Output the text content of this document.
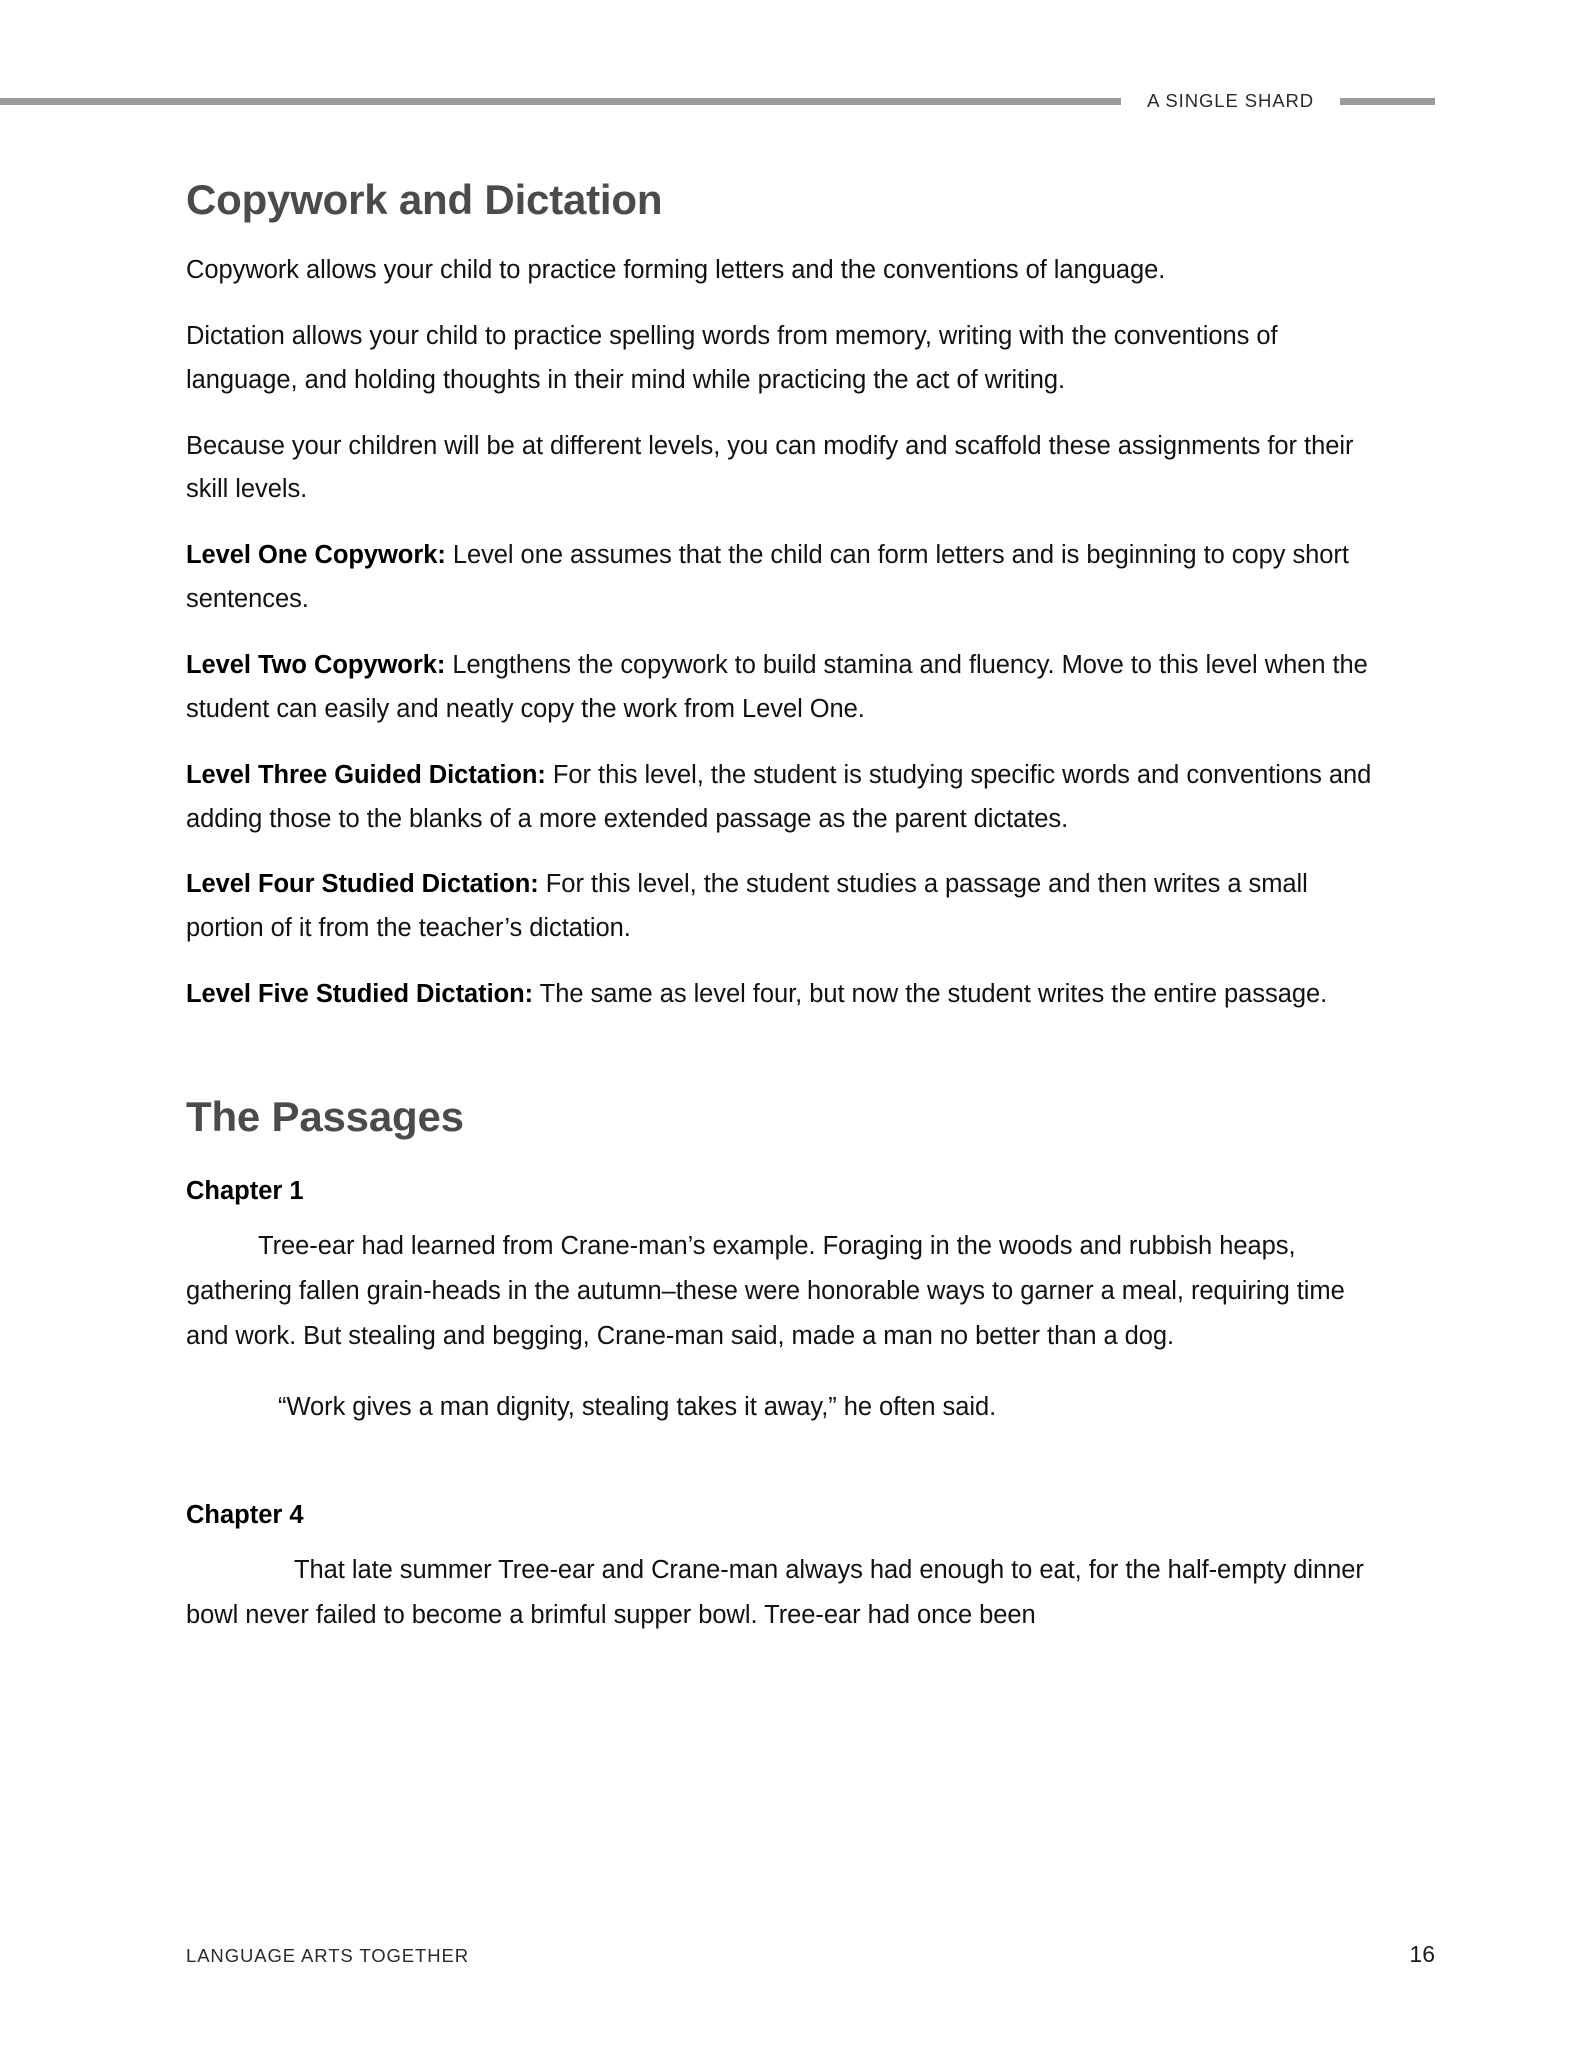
A SINGLE SHARD
Copywork and Dictation

Copywork allows your child to practice forming letters and the conventions of language.

Dictation allows your child to practice spelling words from memory, writing with the conventions of language, and holding thoughts in their mind while practicing the act of writing.

Because your children will be at different levels, you can modify and scaffold these assignments for their skill levels.

Level One Copywork: Level one assumes that the child can form letters and is beginning to copy short sentences.

Level Two Copywork: Lengthens the copywork to build stamina and fluency. Move to this level when the student can easily and neatly copy the work from Level One.

Level Three Guided Dictation: For this level, the student is studying specific words and conventions and adding those to the blanks of a more extended passage as the parent dictates.

Level Four Studied Dictation: For this level, the student studies a passage and then writes a small portion of it from the teacher’s dictation.

Level Five Studied Dictation: The same as level four, but now the student writes the entire passage.

The Passages
Chapter 1

Tree-ear had learned from Crane-man’s example. Foraging in the woods and rubbish heaps, gathering fallen grain-heads in the autumn–these were honorable ways to garner a meal, requiring time and work. But stealing and begging, Crane-man said, made a man no better than a dog.

“Work gives a man dignity, stealing takes it away,” he often said.

Chapter 4

That late summer Tree-ear and Crane-man always had enough to eat, for the half-empty dinner bowl never failed to become a brimful supper bowl. Tree-ear had once been

LANGUAGE ARTS TOGETHER	16
